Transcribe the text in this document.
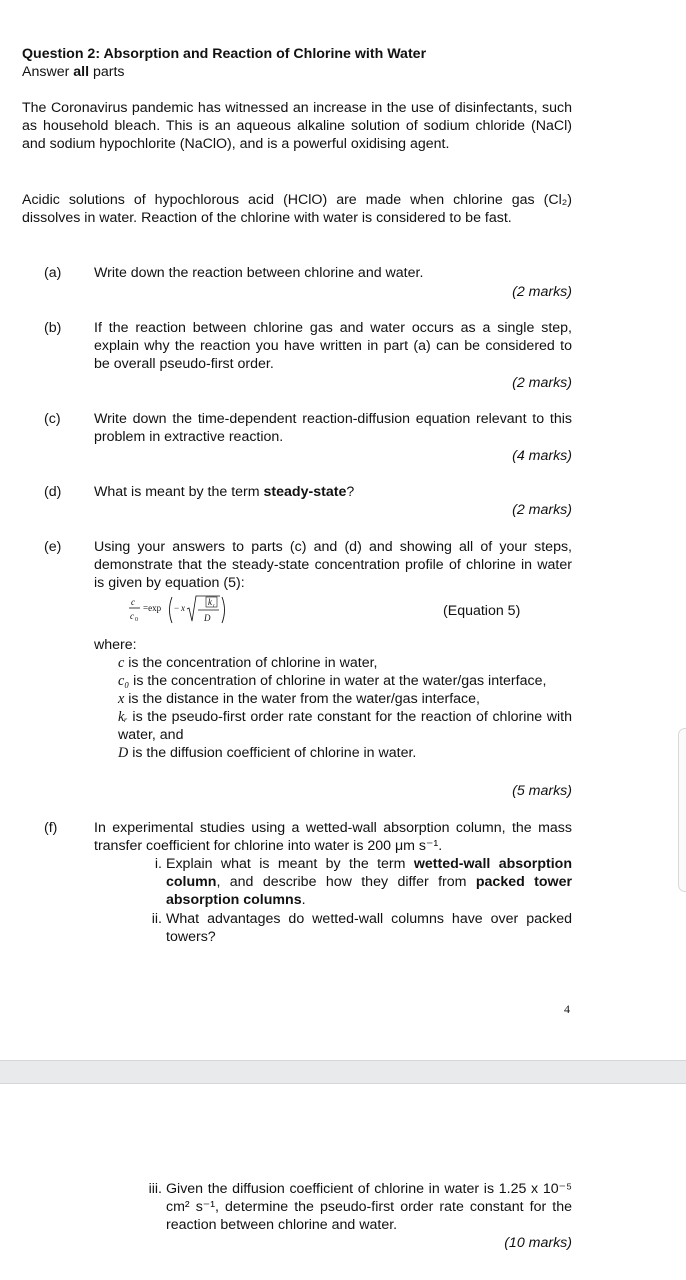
Question 2: Absorption and Reaction of Chlorine with Water

Answer all parts

The Coronavirus pandemic has witnessed an increase in the use of disinfectants, such as household bleach. This is an aqueous alkaline solution of sodium chloride (NaCl) and sodium hypochlorite (NaClO), and is a powerful oxidising agent.

Acidic solutions of hypochlorous acid (HClO) are made when chlorine gas (Cl₂) dissolves in water. Reaction of the chlorine with water is considered to be fast.

(a) Write down the reaction between chlorine and water.
(2 marks)
(b) If the reaction between chlorine gas and water occurs as a single step, explain why the reaction you have written in part (a) can be considered to be overall pseudo-first order.
(2 marks)
(c) Write down the time-dependent reaction-diffusion equation relevant to this problem in extractive reaction.
(4 marks)
(d) What is meant by the term steady-state?
(2 marks)
(e) Using your answers to parts (c) and (d) and showing all of your steps, demonstrate that the steady-state concentration profile of chlorine in water is given by equation (5):
c
c 0
=exp − x
k r
D	(Equation 5)
where:
c is the concentration of chlorine in water,
c₀ is the concentration of chlorine in water at the water/gas interface,
x is the distance in the water from the water/gas interface,
kᵣ is the pseudo-first order rate constant for the reaction of chlorine with water, and
D is the diffusion coefficient of chlorine in water.
(5 marks)
(f)	In experimental studies using a wetted-wall absorption column, the mass transfer coefficient for chlorine into water is 200 μm s⁻¹.
i. Explain what is meant by the term wetted-wall absorption column, and describe how they differ from packed tower absorption columns.
ii. What advantages do wetted-wall columns have over packed towers?
4
iii. Given the diffusion coefficient of chlorine in water is 1.25 x 10⁻⁵ cm² s⁻¹, determine the pseudo-first order rate constant for the reaction between chlorine and water.
(10 marks)
